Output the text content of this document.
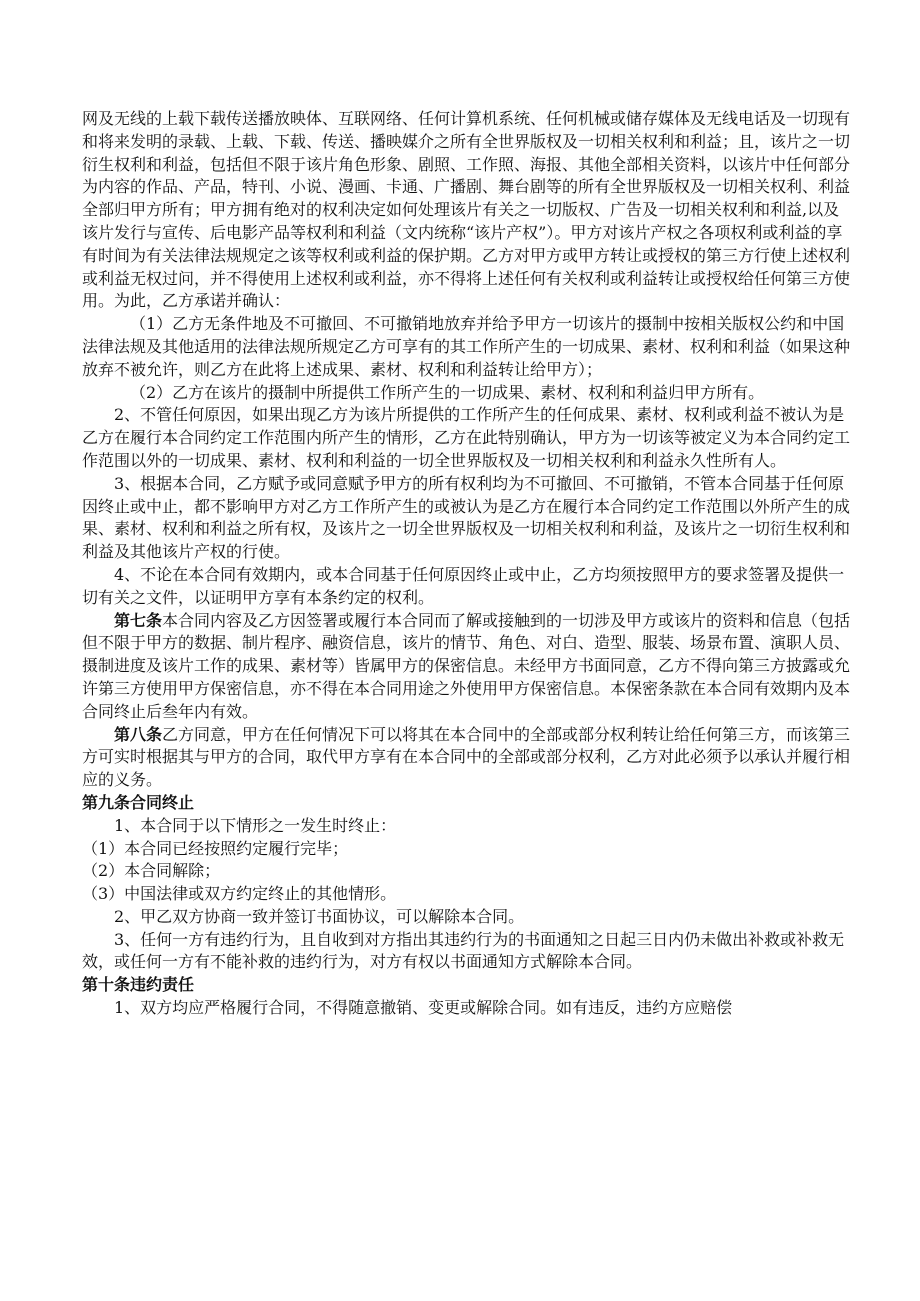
网及无线的上载下载传送播放映体、互联网络、任何计算机系统、任何机械或储存媒体及无线电话及一切现有和将来发明的录载、上载、下载、传送、播映媒介之所有全世界版权及一切相关权利和利益；且，该片之一切衍生权利和利益，包括但不限于该片角色形象、剧照、工作照、海报、其他全部相关资料，以该片中任何部分为内容的作品、产品，特刊、小说、漫画、卡通、广播剧、舞台剧等的所有全世界版权及一切相关权利、利益全部归甲方所有；甲方拥有绝对的权利决定如何处理该片有关之一切版权、广告及一切相关权利和利益,以及该片发行与宣传、后电影产品等权利和利益（文内统称“该片产权”）。甲方对该片产权之各项权利或利益的享有时间为有关法律法规规定之该等权利或利益的保护期。乙方对甲方或甲方转让或授权的第三方行使上述权利或利益无权过问，并不得使用上述权利或利益，亦不得将上述任何有关权利或利益转让或授权给任何第三方使用。为此，乙方承诺并确认：

（1）乙方无条件地及不可撤回、不可撤销地放弃并给予甲方一切该片的摄制中按相关版权公约和中国法律法规及其他适用的法律法规所规定乙方可享有的其工作所产生的一切成果、素材、权利和利益（如果这种放弃不被允许，则乙方在此将上述成果、素材、权利和利益转让给甲方）；

（2）乙方在该片的摄制中所提供工作所产生的一切成果、素材、权利和利益归甲方所有。

2、不管任何原因，如果出现乙方为该片所提供的工作所产生的任何成果、素材、权利或利益不被认为是乙方在履行本合同约定工作范围内所产生的情形，乙方在此特别确认，甲方为一切该等被定义为本合同约定工作范围以外的一切成果、素材、权利和利益的一切全世界版权及一切相关权利和利益永久性所有人。

3、根据本合同，乙方赋予或同意赋予甲方的所有权利均为不可撤回、不可撤销，不管本合同基于任何原因终止或中止，都不影响甲方对乙方工作所产生的或被认为是乙方在履行本合同约定工作范围以外所产生的成果、素材、权利和利益之所有权，及该片之一切全世界版权及一切相关权利和利益，及该片之一切衍生权利和利益及其他该片产权的行使。

4、不论在本合同有效期内，或本合同基于任何原因终止或中止，乙方均须按照甲方的要求签署及提供一切有关之文件，以证明甲方享有本条约定的权利。

第七条本合同内容及乙方因签署或履行本合同而了解或接触到的一切涉及甲方或该片的资料和信息（包括但不限于甲方的数据、制片程序、融资信息，该片的情节、角色、对白、造型、服装、场景布置、演职人员、摄制进度及该片工作的成果、素材等）皆属甲方的保密信息。未经甲方书面同意，乙方不得向第三方披露或允许第三方使用甲方保密信息，亦不得在本合同用途之外使用甲方保密信息。本保密条款在本合同有效期内及本合同终止后叁年内有效。

第八条乙方同意，甲方在任何情况下可以将其在本合同中的全部或部分权利转让给任何第三方，而该第三方可实时根据其与甲方的合同，取代甲方享有在本合同中的全部或部分权利，乙方对此必须予以承认并履行相应的义务。

第九条合同终止

1、本合同于以下情形之一发生时终止：

（1）本合同已经按照约定履行完毕；

（2）本合同解除；

（3）中国法律或双方约定终止的其他情形。

2、甲乙双方协商一致并签订书面协议，可以解除本合同。

3、任何一方有违约行为，且自收到对方指出其违约行为的书面通知之日起三日内仍未做出补救或补救无效，或任何一方有不能补救的违约行为，对方有权以书面通知方式解除本合同。

第十条违约责任

1、双方均应严格履行合同，不得随意撤销、变更或解除合同。如有违反，违约方应赔偿
